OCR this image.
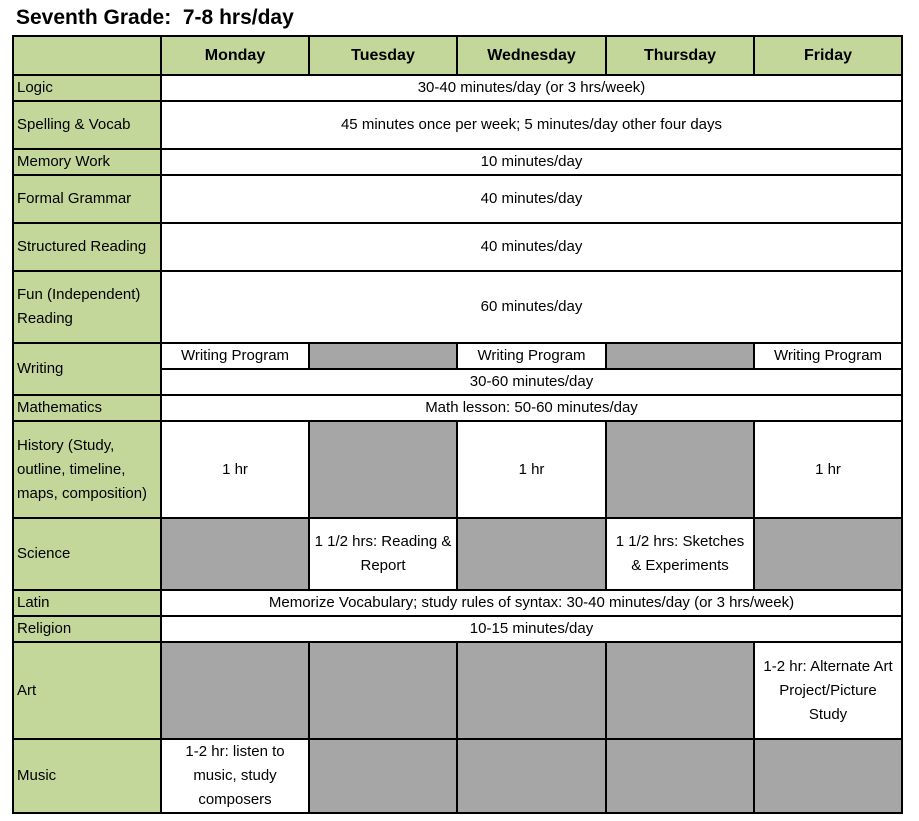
Seventh Grade:  7-8 hrs/day
	Monday	Tuesday	Wednesday	Thursday	Friday
Logic	30-40 minutes/day (or 3 hrs/week)				
Spelling & Vocab	45 minutes once per week; 5 minutes/day other four days				
Memory Work	10 minutes/day				
Formal Grammar	40 minutes/day				
Structured Reading	40 minutes/day				
Fun (Independent) Reading	60 minutes/day				
Writing	Writing Program		Writing Program		Writing Program
	30-60 minutes/day				
Mathematics	Math lesson: 50-60 minutes/day				
History (Study, outline, timeline, maps, composition)	1 hr		1 hr		1 hr
Science		1 1/2 hrs: Reading & Report		1 1/2 hrs: Sketches & Experiments	
Latin	Memorize Vocabulary; study rules of syntax: 30-40 minutes/day (or 3 hrs/week)				
Religion	10-15 minutes/day				
Art					1-2 hr: Alternate Art Project/Picture Study
Music	1-2 hr: listen to music, study composers				
